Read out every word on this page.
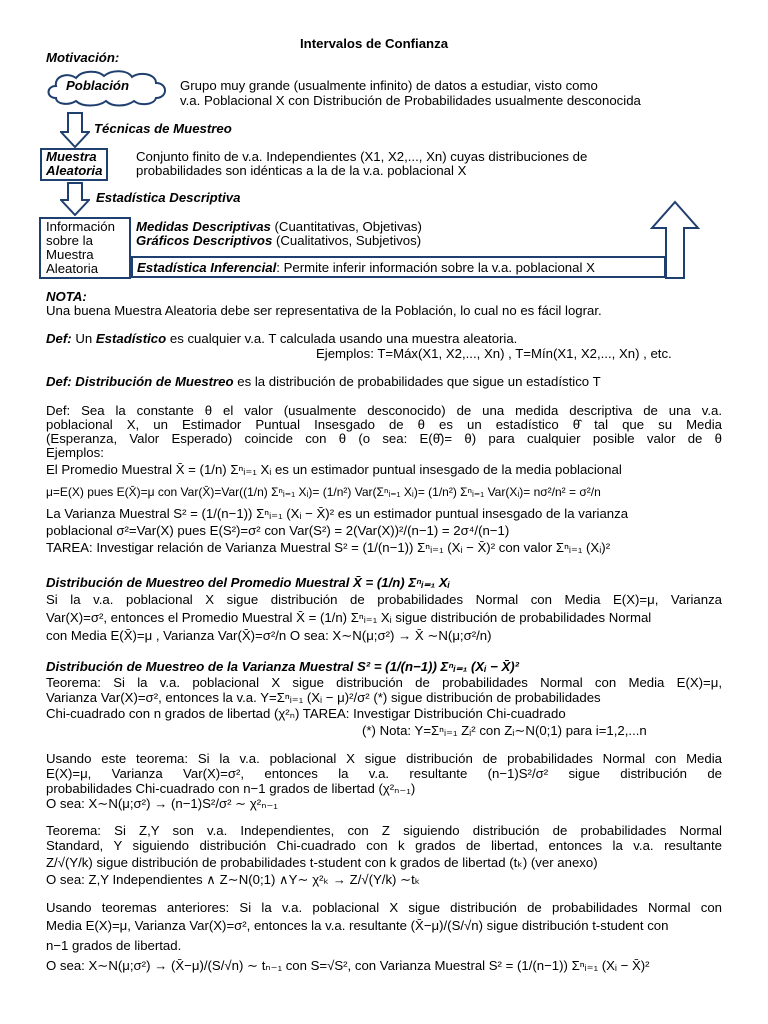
Intervalos de Confianza
Motivación:
Población	Grupo muy grande (usualmente infinito) de datos a estudiar, visto como
v.a. Poblacional X con Distribución de Probabilidades usualmente desconocida
Técnicas de Muestreo
Muestra
Aleatoria
Conjunto finito de v.a. Independientes (X1, X2,..., Xn) cuyas distribuciones de
probabilidades son idénticas a la de la v.a. poblacional X
Estadística Descriptiva
Información
sobre la
Muestra
Aleatoria
Medidas Descriptivas (Cuantitativas, Objetivas)
Gráficos Descriptivos (Cualitativos, Subjetivos)
Estadística Inferencial: Permite inferir información sobre la v.a. poblacional X
NOTA:
Una buena Muestra Aleatoria debe ser representativa de la Población, lo cual no es fácil lograr.
Def: Un Estadístico es cualquier v.a. T calculada usando una muestra aleatoria.
Ejemplos: T=Máx(X1, X2,..., Xn) , T=Mín(X1, X2,..., Xn) , etc.
Def: Distribución de Muestreo es la distribución de probabilidades que sigue un estadístico T
Def: Sea la constante θ el valor (usualmente desconocido) de una medida descriptiva de una v.a.
poblacional X, un Estimador Puntual Insesgado de θ es un estadístico θ̂ tal que su Media
(Esperanza, Valor Esperado) coincide con θ (o sea: E(θ̂)= θ) para cualquier posible valor de θ
Ejemplos:
El Promedio Muestral X̄ = (1/n) Σⁿᵢ₌₁ Xᵢ es un estimador puntual insesgado de la media poblacional
μ=E(X) pues E(X̄)=μ con Var(X̄)=Var((1/n) Σⁿᵢ₌₁ Xᵢ)= (1/n²) Var(Σⁿᵢ₌₁ Xᵢ)= (1/n²) Σⁿᵢ₌₁ Var(Xᵢ)= nσ²/n² = σ²/n
La Varianza Muestral S² = (1/(n−1)) Σⁿᵢ₌₁ (Xᵢ − X̄)² es un estimador puntual insesgado de la varianza
poblacional σ²=Var(X) pues E(S²)=σ² con Var(S²) = 2(Var(X))²/(n−1) = 2σ⁴/(n−1)
TAREA: Investigar relación de Varianza Muestral S² = (1/(n−1)) Σⁿᵢ₌₁ (Xᵢ − X̄)² con valor Σⁿᵢ₌₁ (Xᵢ)²
Distribución de Muestreo del Promedio Muestral X̄ = (1/n) Σⁿᵢ₌₁ Xᵢ
Si la v.a. poblacional X sigue distribución de probabilidades Normal con Media E(X)=μ, Varianza
Var(X)=σ², entonces el Promedio Muestral X̄ = (1/n) Σⁿᵢ₌₁ Xᵢ sigue distribución de probabilidades Normal
con Media E(X̄)=μ , Varianza Var(X̄)=σ²/n O sea: X∼N(μ;σ²) → X̄ ∼N(μ;σ²/n)
Distribución de Muestreo de la Varianza Muestral S² = (1/(n−1)) Σⁿᵢ₌₁ (Xᵢ − X̄)²
Teorema: Si la v.a. poblacional X sigue distribución de probabilidades Normal con Media E(X)=μ,
Varianza Var(X)=σ², entonces la v.a. Y=Σⁿᵢ₌₁ (Xᵢ − μ)²/σ² (*) sigue distribución de probabilidades
Chi-cuadrado con n grados de libertad (χ²ₙ) TAREA: Investigar Distribución Chi-cuadrado
(*) Nota: Y=Σⁿᵢ₌₁ Zᵢ² con Zᵢ∼N(0;1) para i=1,2,...n
Usando este teorema: Si la v.a. poblacional X sigue distribución de probabilidades Normal con Media
E(X)=μ, Varianza Var(X)=σ², entonces la v.a. resultante (n−1)S²/σ² sigue distribución de
probabilidades Chi-cuadrado con n−1 grados de libertad (χ²ₙ₋₁)
O sea: X∼N(μ;σ²) → (n−1)S²/σ² ∼ χ²ₙ₋₁
Teorema: Si Z,Y son v.a. Independientes, con Z siguiendo distribución de probabilidades Normal
Standard, Y siguiendo distribución Chi-cuadrado con k grados de libertad, entonces la v.a. resultante
Z/√(Y/k) sigue distribución de probabilidades t-student con k grados de libertad (tₖ) (ver anexo)
O sea: Z,Y Independientes ∧ Z∼N(0;1) ∧Y∼ χ²ₖ → Z/√(Y/k) ∼tₖ
Usando teoremas anteriores: Si la v.a. poblacional X sigue distribución de probabilidades Normal con
Media E(X)=μ, Varianza Var(X)=σ², entonces la v.a. resultante (X̄−μ)/(S/√n) sigue distribución t-student con
n−1 grados de libertad.
O sea: X∼N(μ;σ²) → (X̄−μ)/(S/√n) ∼ tₙ₋₁ con S=√S², con Varianza Muestral S² = (1/(n−1)) Σⁿᵢ₌₁ (Xᵢ − X̄)²
